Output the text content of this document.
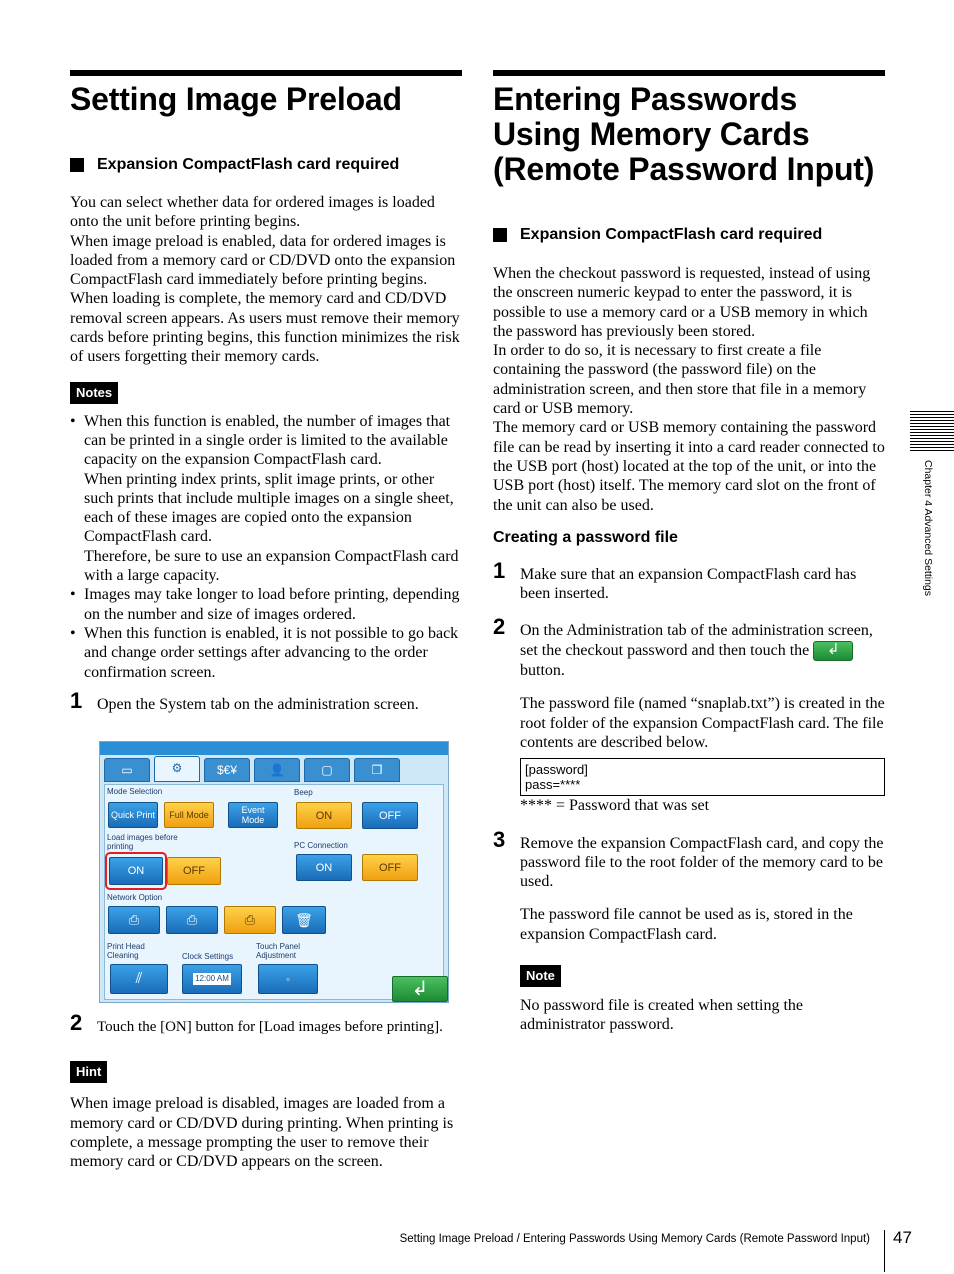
Setting Image Preload
Expansion CompactFlash card required

You can select whether data for ordered images is loaded onto the unit before printing begins.

When image preload is enabled, data for ordered images is loaded from a memory card or CD/DVD onto the expansion CompactFlash card immediately before printing begins. When loading is complete, the memory card and CD/DVD removal screen appears. As users must remove their memory cards before printing begins, this function minimizes the risk of users forgetting their memory cards.

Notes
• When this function is enabled, the number of images that can be printed in a single order is limited to the available capacity on the expansion CompactFlash card.
When printing index prints, split image prints, or other such prints that include multiple images on a single sheet, each of these images are copied onto the expansion CompactFlash card.
Therefore, be sure to use an expansion CompactFlash card with a large capacity.
• Images may take longer to load before printing, depending on the number and size of images ordered.
• When this function is enabled, it is not possible to go back and change order settings after advancing to the order confirmation screen.
1 Open the System tab on the administration screen.
▭	⚙	$€¥	👤	▢	❐
Mode Selection
Quick Print	Full Mode	Event Mode
Beep
ON	OFF
Load images before printing
ON	OFF
PC Connection
ON	OFF
Network Option
⎙	⎙	⎙	🗑
Print Head Cleaning	Clock Settings
Touch Panel Adjustment
⫽	12:00 AM	▫	↲
2 Touch the [ON] button for [Load images before printing].
Hint

When image preload is disabled, images are loaded from a memory card or CD/DVD during printing. When printing is complete, a message prompting the user to remove their memory card or CD/DVD appears on the screen.

Entering Passwords Using Memory Cards (Remote Password Input)
Expansion CompactFlash card required

When the checkout password is requested, instead of using the onscreen numeric keypad to enter the password, it is possible to use a memory card or a USB memory in which the password has previously been stored.

In order to do so, it is necessary to first create a file containing the password (the password file) on the administration screen, and then store that file in a memory card or USB memory.

The memory card or USB memory containing the password file can be read by inserting it into a card reader connected to the USB port (host) located at the top of the unit, or into the USB port (host) itself. The memory card slot on the front of the unit can also be used.

Creating a password file
1 Make sure that an expansion CompactFlash card has been inserted.
2 On the Administration tab of the administration screen, set the checkout password and then touch the ↲button.

The password file (named “snaplab.txt”) is created in the root folder of the expansion CompactFlash card. The file contents are described below.

[password]
pass=****

**** = Password that was set

3 Remove the expansion CompactFlash card, and copy the password file to the root folder of the memory card to be used.

The password file cannot be used as is, stored in the expansion CompactFlash card.

Note

No password file is created when setting the administrator password.

Chapter 4 Advanced Settings
Setting Image Preload / Entering Passwords Using Memory Cards (Remote Password Input) 47
